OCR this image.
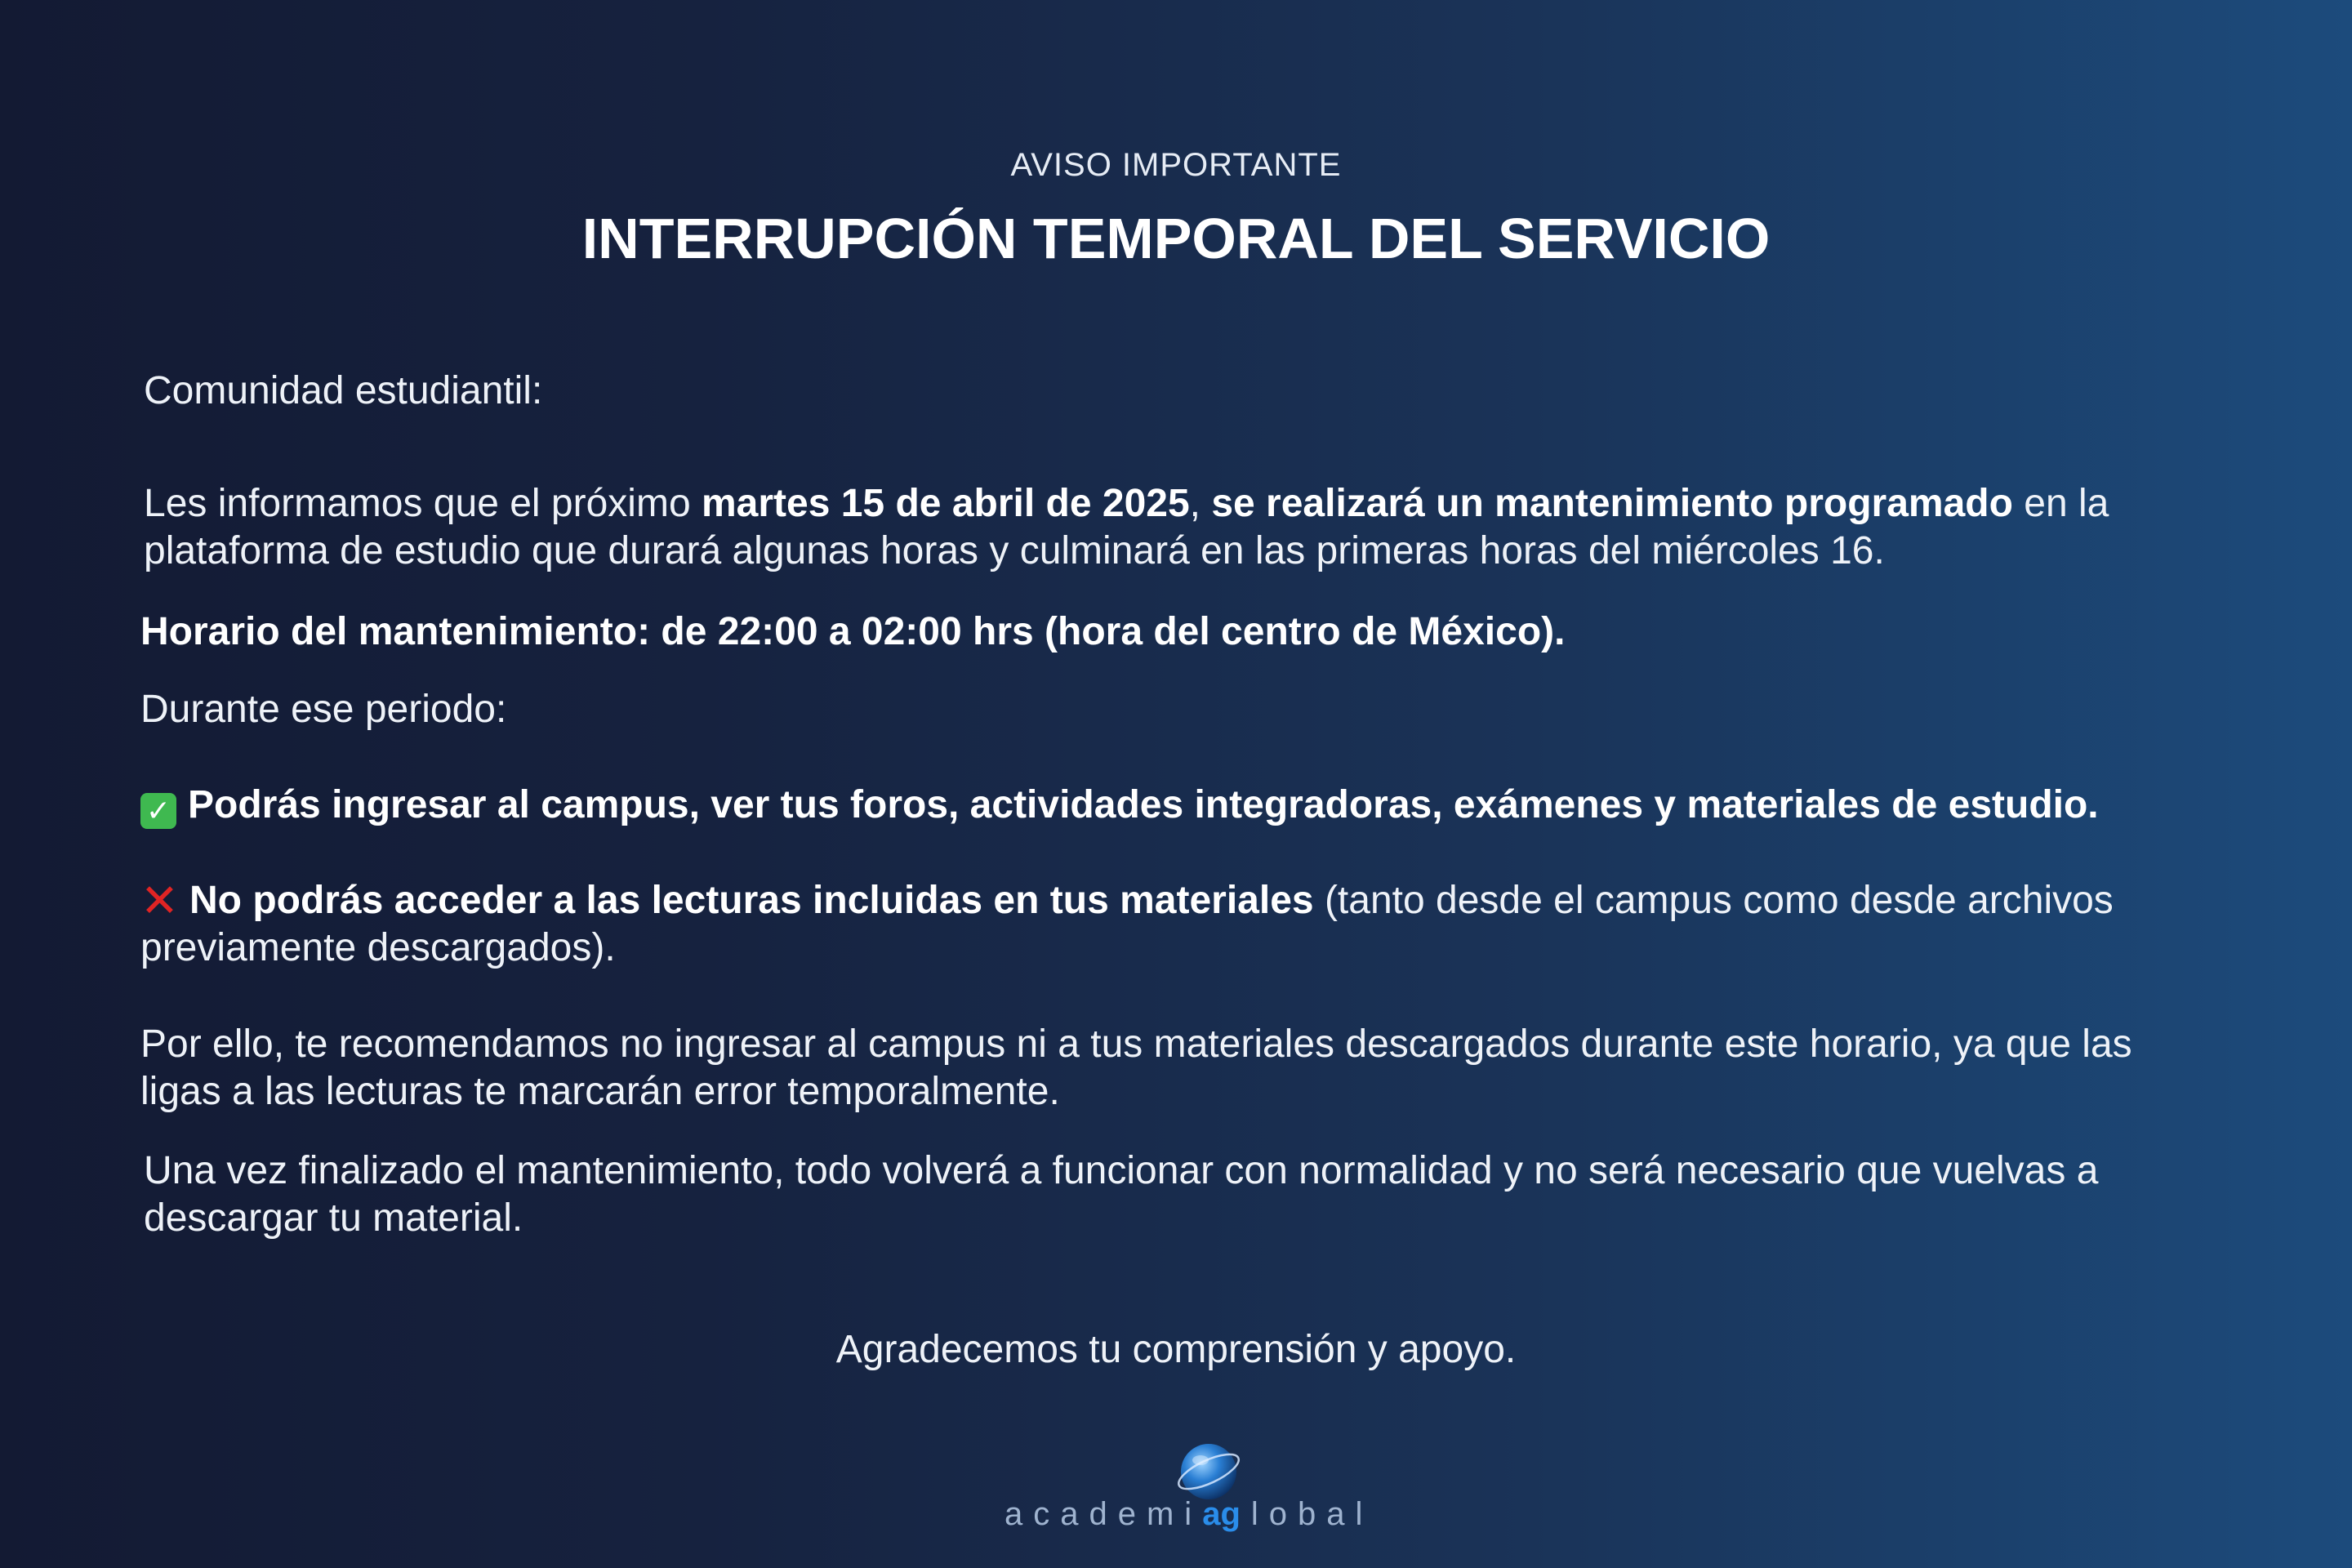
AVISO IMPORTANTE
INTERRUPCIÓN TEMPORAL DEL SERVICIO

Comunidad estudiantil:

Les informamos que el próximo martes 15 de abril de 2025, se realizará un mantenimiento programado en la plataforma de estudio que durará algunas horas y culminará en las primeras horas del miércoles 16.

Horario del mantenimiento: de 22:00 a 02:00 hrs (hora del centro de México).

Durante ese periodo:

✓ Podrás ingresar al campus, ver tus foros, actividades integradoras, exámenes y materiales de estudio.

✕ No podrás acceder a las lecturas incluidas en tus materiales (tanto desde el campus como desde archivos previamente descargados).

Por ello, te recomendamos no ingresar al campus ni a tus materiales descargados durante este horario, ya que las ligas a las lecturas te marcarán error temporalmente.

Una vez finalizado el mantenimiento, todo volverá a funcionar con normalidad y no será necesario que vuelvas a descargar tu material.

Agradecemos tu comprensión y apoyo.
academiag lobal
